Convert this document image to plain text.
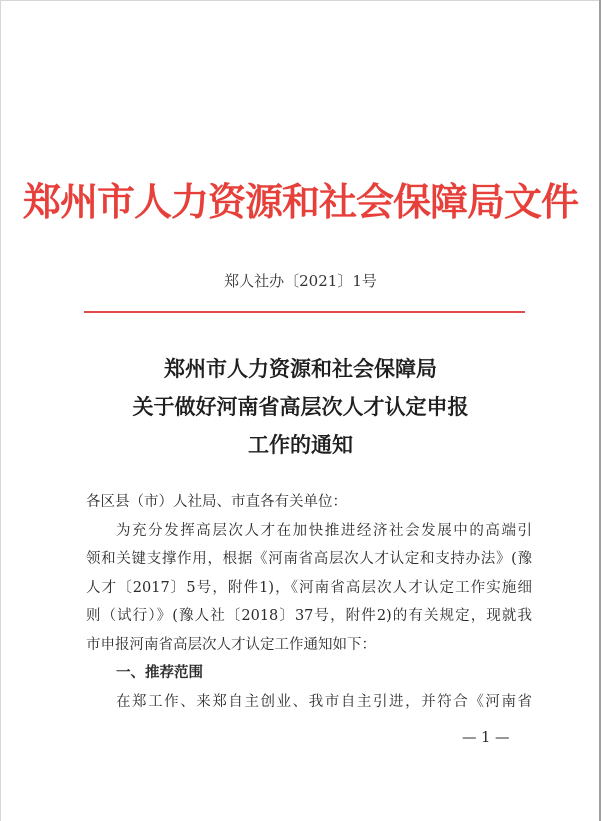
郑州市人力资源和社会保障局文件
郑人社办〔2021〕1号
郑州市人力资源和社会保障局
关于做好河南省高层次人才认定申报
工作的通知
各区县（市）人社局、市直各有关单位：
为充分发挥高层次人才在加快推进经济社会发展中的高端引
领和关键支撑作用，根据《河南省高层次人才认定和支持办法》(豫
人才〔2017〕5号，附件1)，《河南省高层次人才认定工作实施细
则（试行）》(豫人社〔2018〕37号，附件2)的有关规定，现就我
市申报河南省高层次人才认定工作通知如下：
一、推荐范围
在郑工作、来郑自主创业、我市自主引进，并符合《河南省
— 1 —
